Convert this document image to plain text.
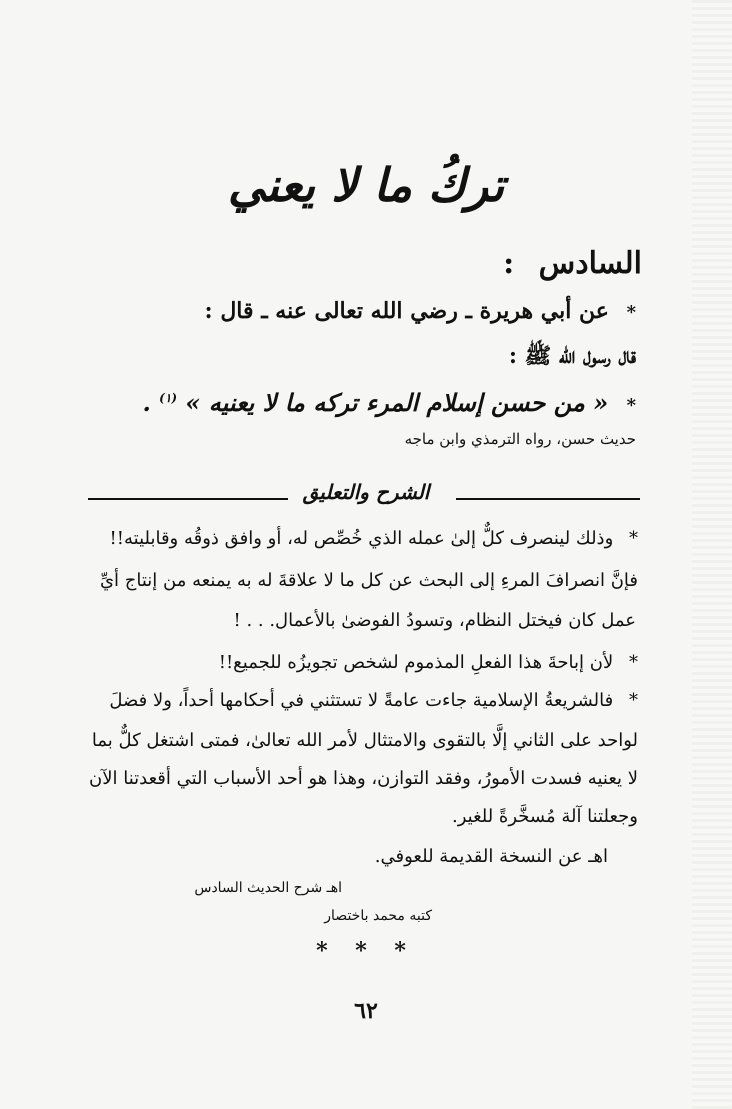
تركُ ما لا يعني
السادس :
* عن أبي هريرة ـ رضي الله تعالى عنه ـ قال :
قال رسول الله ﷺ :
* « من حسن إسلام المرء تركه ما لا يعنيه » $^{(١)}$ .
حديث حسن، رواه الترمذي وابن ماجه
الشرح والتعليق
* وذلك لينصرف كلٌّ إلىٰ عمله الذي خُصِّص له، أو وافق ذوقُه وقابليته!!
فإنَّ انصرافَ المرءِ إلى البحث عن كل ما لا علاقةَ له به يمنعه من إنتاج أيِّ
عمل كان فيختل النظام، وتسودُ الفوضىٰ بالأعمال. . . !
* لأن إباحةَ هذا الفعلِ المذموم لشخص تجويزُه للجميع!!
* فالشريعةُ الإسلامية جاءت عامةً لا تستثني في أحكامها أحداً، ولا فضلَ
لواحد على الثاني إلَّا بالتقوى والامتثال لأمر الله تعالىٰ، فمتى اشتغل كلٌّ بما
لا يعنيه فسدت الأمورُ، وفقد التوازن، وهذا هو أحد الأسباب التي أقعدتنا الآن
وجعلتنا آلة مُسخَّرةً للغير.
اهـ عن النسخة القديمة للعوفي.
اهـ شرح الحديث السادس
كتبه محمد باختصار
* * *
٦٢
